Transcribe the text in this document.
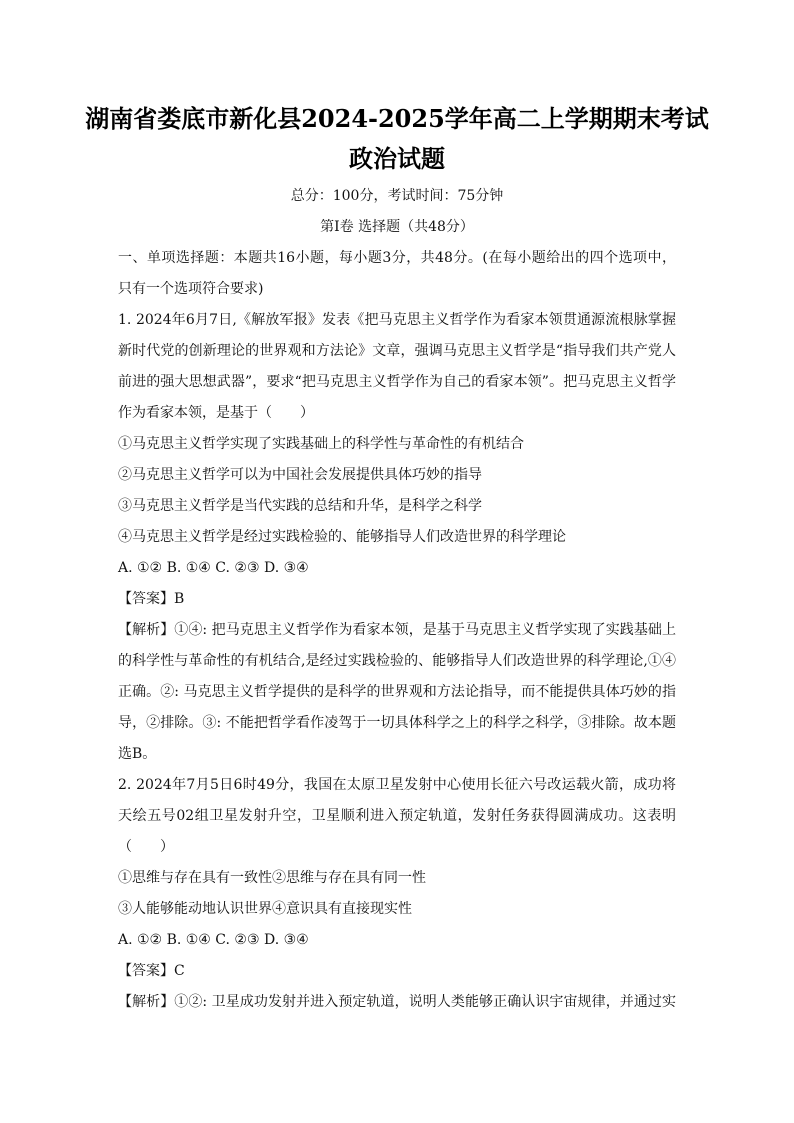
湖南省娄底市新化县2024-2025学年高二上学期期末考试
政治试题
总分：100分，考试时间：75分钟
第Ⅰ卷 选择题（共48分）
一、单项选择题：本题共16小题，每小题3分，共48分。(在每小题给出的四个选项中，
只有一个选项符合要求)
1. 2024年6月7日,《解放军报》发表《把马克思主义哲学作为看家本领贯通源流根脉掌握
新时代党的创新理论的世界观和方法论》文章，强调马克思主义哲学是“指导我们共产党人
前进的强大思想武器”，要求“把马克思主义哲学作为自己的看家本领”。把马克思主义哲学
作为看家本领，是基于（　　）
①马克思主义哲学实现了实践基础上的科学性与革命性的有机结合
②马克思主义哲学可以为中国社会发展提供具体巧妙的指导
③马克思主义哲学是当代实践的总结和升华，是科学之科学
④马克思主义哲学是经过实践检验的、能够指导人们改造世界的科学理论
A. ①② B. ①④ C. ②③ D. ③④
【答案】B
【解析】①④: 把马克思主义哲学作为看家本领，是基于马克思主义哲学实现了实践基础上
的科学性与革命性的有机结合,是经过实践检验的、能够指导人们改造世界的科学理论,①④
正确。②: 马克思主义哲学提供的是科学的世界观和方法论指导，而不能提供具体巧妙的指
导，②排除。③: 不能把哲学看作凌驾于一切具体科学之上的科学之科学，③排除。故本题
选B。
2. 2024年7月5日6时49分，我国在太原卫星发射中心使用长征六号改运载火箭，成功将
天绘五号02组卫星发射升空，卫星顺利进入预定轨道，发射任务获得圆满成功。这表明
（　　）
①思维与存在具有一致性②思维与存在具有同一性
③人能够能动地认识世界④意识具有直接现实性
A. ①② B. ①④ C. ②③ D. ③④
【答案】C
【解析】①②: 卫星成功发射并进入预定轨道，说明人类能够正确认识宇宙规律，并通过实
